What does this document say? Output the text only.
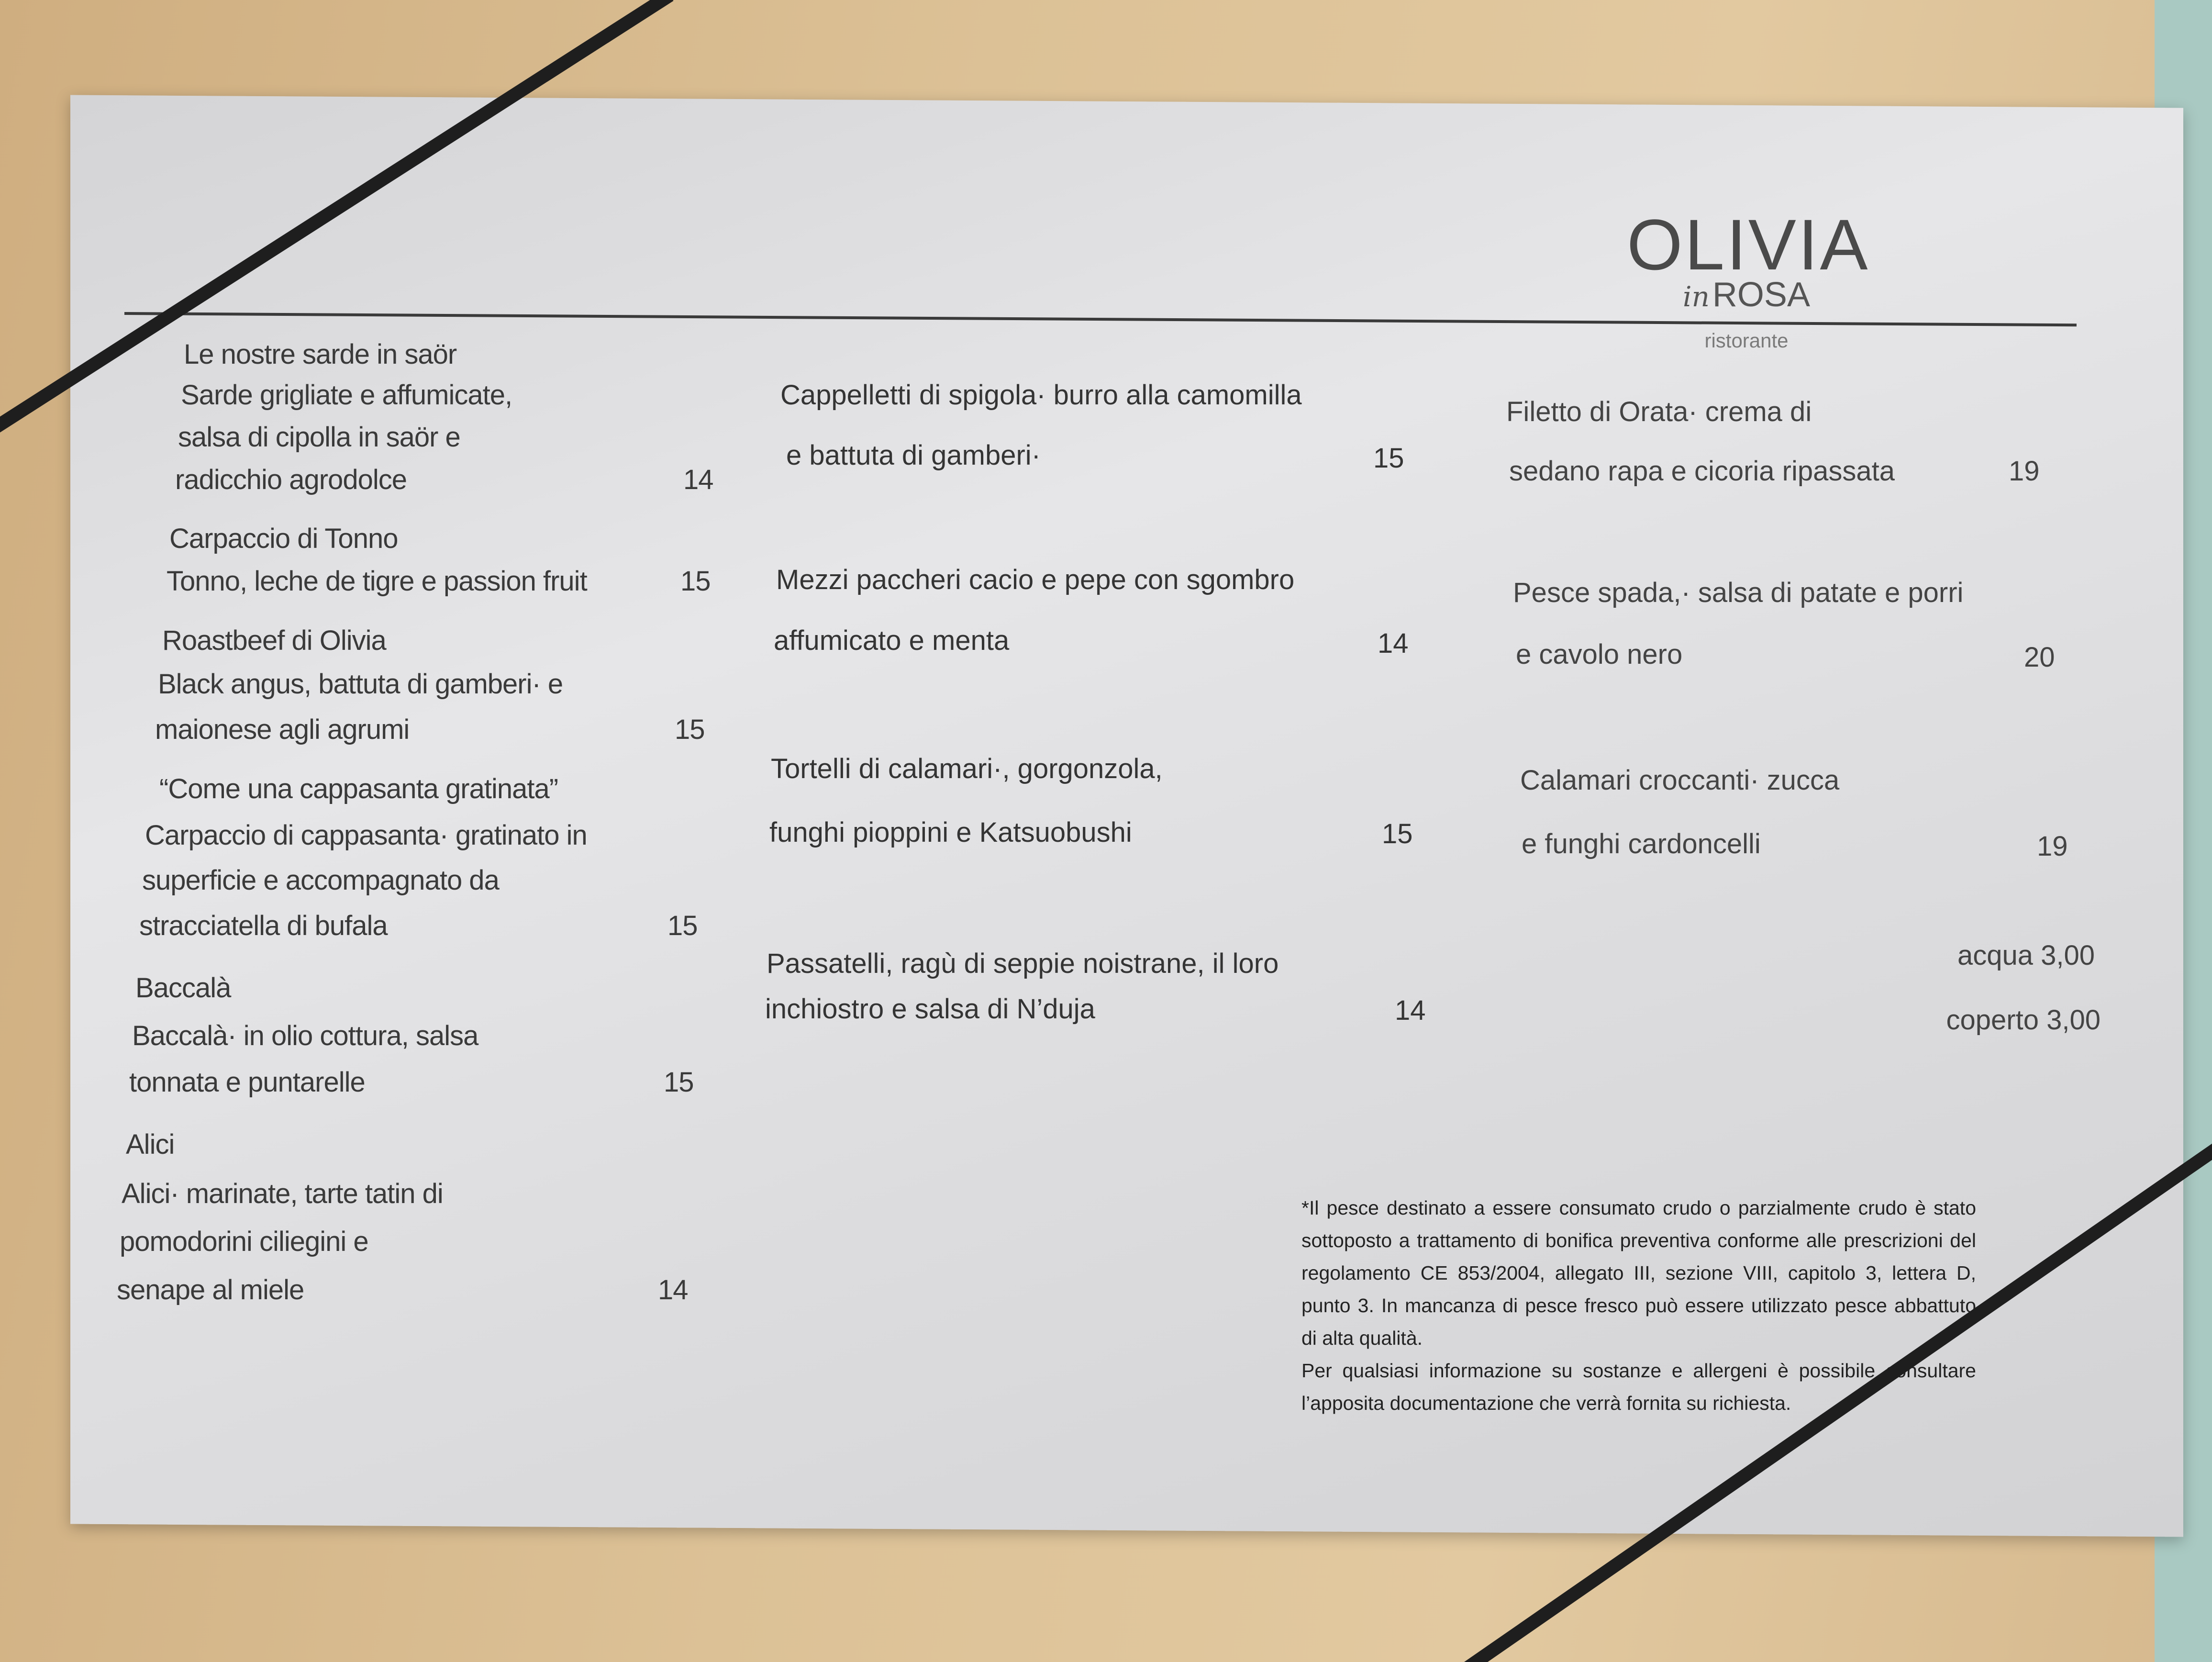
OLIVIA
inROSA
ristorante
Le nostre sarde in saör
Sarde grigliate e affumicate,
salsa di cipolla in saör e
radicchio agrodolce	14
Carpaccio di Tonno
Tonno, leche de tigre e passion fruit	15
Roastbeef di Olivia
Black angus, battuta di gamberi· e
maionese agli agrumi	15
“Come una cappasanta gratinata”
Carpaccio di cappasanta· gratinato in
superficie e accompagnato da
stracciatella di bufala	15
Baccalà
Baccalà· in olio cottura, salsa
tonnata e puntarelle	15
Alici
Alici· marinate, tarte tatin di
pomodorini ciliegini e
senape al miele	14
Cappelletti di spigola· burro alla camomilla
e battuta di gamberi·	15
Mezzi paccheri cacio e pepe con sgombro
affumicato e menta	14
Tortelli di calamari·, gorgonzola,
funghi pioppini e Katsuobushi	15
Passatelli, ragù di seppie noistrane, il loro
inchiostro e salsa di N’duja	14
Filetto di Orata· crema di
sedano rapa e cicoria ripassata	19
Pesce spada,· salsa di patate e porri
e cavolo nero	20
Calamari croccanti· zucca
e funghi cardoncelli	19
acqua 3,00
coperto 3,00

*Il pesce destinato a essere consumato crudo o parzialmente crudo è stato sottoposto a trattamento di bonifica preventiva conforme alle prescrizioni del regolamento CE 853/2004, allegato III, sezione VIII, capitolo 3, lettera D, punto 3. In mancanza di pesce fresco può essere utilizzato pesce abbattuto di alta qualità.

Per qualsiasi informazione su sostanze e allergeni è possibile consultare l’apposita documentazione che verrà fornita su richiesta.
